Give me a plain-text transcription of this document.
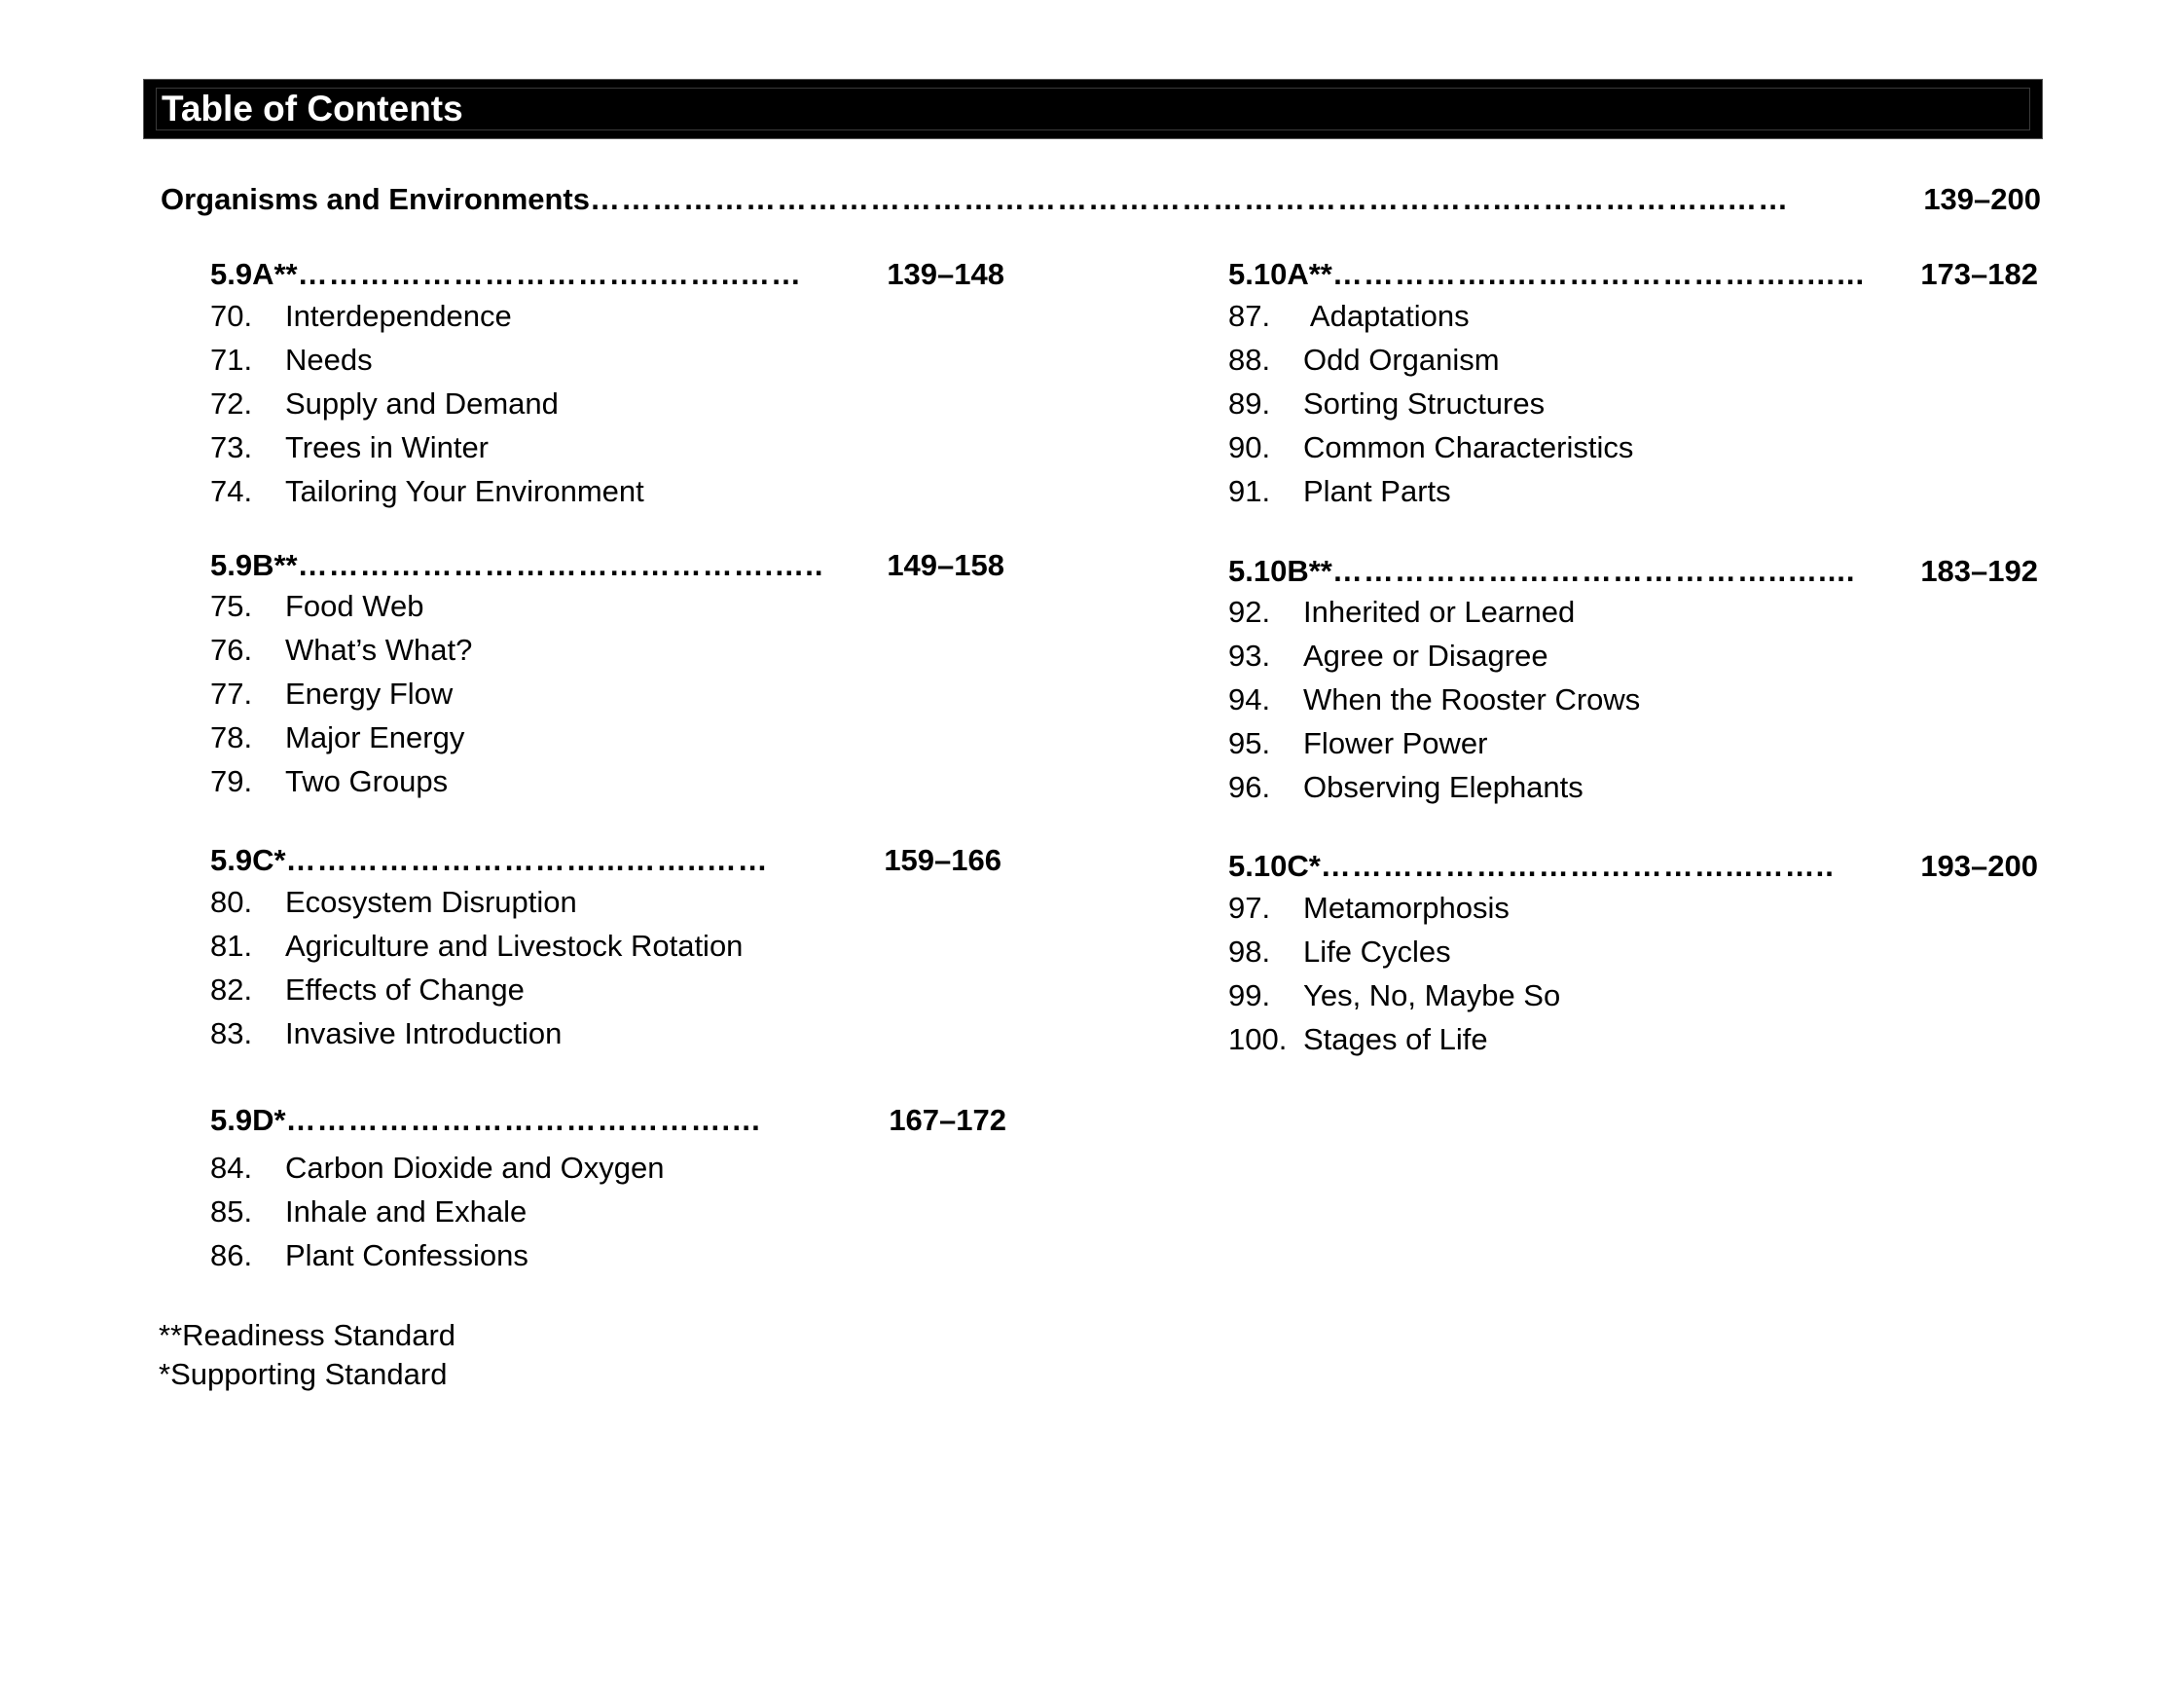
Table of Contents
Organisms and Environments ……………………………………………………………………………..………………...……	139–200
5.9A** ……………………………..……..……	139–148
70.	Interdependence
71.	Needs
72.	Supply and Demand
73.	Trees in Winter
74.	Tailoring Your Environment
5.9B** ……………………………………….…..	149–158
75.	Food Web
76.	What’s What?
77.	Energy Flow
78.	Major Energy
79.	Two Groups
5.9C* …………………………...……..……	159–166
80.	Ecosystem Disruption
81.	Agriculture and Livestock Rotation
82.	Effects of Change
83.	Invasive Introduction
5.9D* …………………………………….…	167–172
84.	Carbon Dioxide and Oxygen
85.	Inhale and Exhale
86.	Plant Confessions
5.10A** ……………..………………………..…...	173–182
87.	Adaptations
88.	Odd Organism
89.	Sorting Structures
90.	Common Characteristics
91.	Plant Parts
5.10B** ……………………………………..…....	183–192
92.	Inherited or Learned
93.	Agree or Disagree
94.	When the Rooster Crows
95.	Flower Power
96.	Observing Elephants
5.10C* …………………………………...……..	193–200
97.	Metamorphosis
98.	Life Cycles
99.	Yes, No, Maybe So
100. Stages of Life
**Readiness Standard
*Supporting Standard
